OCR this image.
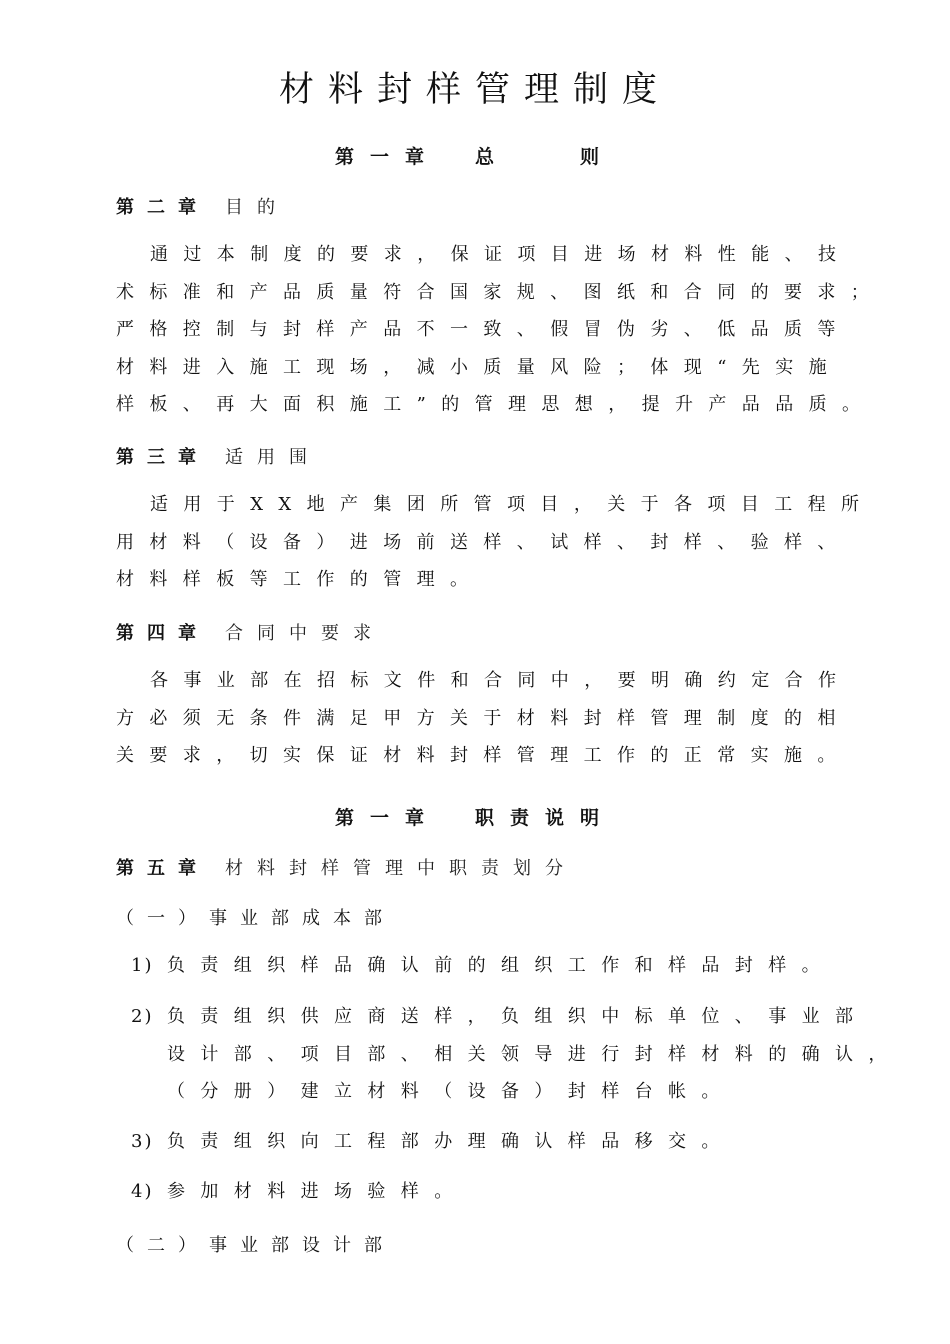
材料封样管理制度
第一章　总　　则
第二章 目的
通过本制度的要求，保证项目进场材料性能、技
术标准和产品质量符合国家规、图纸和合同的要求；
严格控制与封样产品不一致、假冒伪劣、低品质等
材料进入施工现场，减小质量风险；体现“先实施
样板、再大面积施工”的管理思想，提升产品品质。
第三章 适用围
适用于XX地产集团所管项目，关于各项目工程所
用材料（设备）进场前送样、试样、封样、验样、
材料样板等工作的管理。
第四章 合同中要求
各事业部在招标文件和合同中，要明确约定合作
方必须无条件满足甲方关于材料封样管理制度的相
关要求，切实保证材料封样管理工作的正常实施。
第一章　职责说明
第五章 材料封样管理中职责划分
（一）事业部成本部
1) 负责组织样品确认前的组织工作和样品封样。
2) 负责组织供应商送样，负组织中标单位、事业部
设计部、项目部、相关领导进行封样材料的确认，
（分册）建立材料（设备）封样台帐。
3) 负责组织向工程部办理确认样品移交。
4) 参加材料进场验样。
（二）事业部设计部
